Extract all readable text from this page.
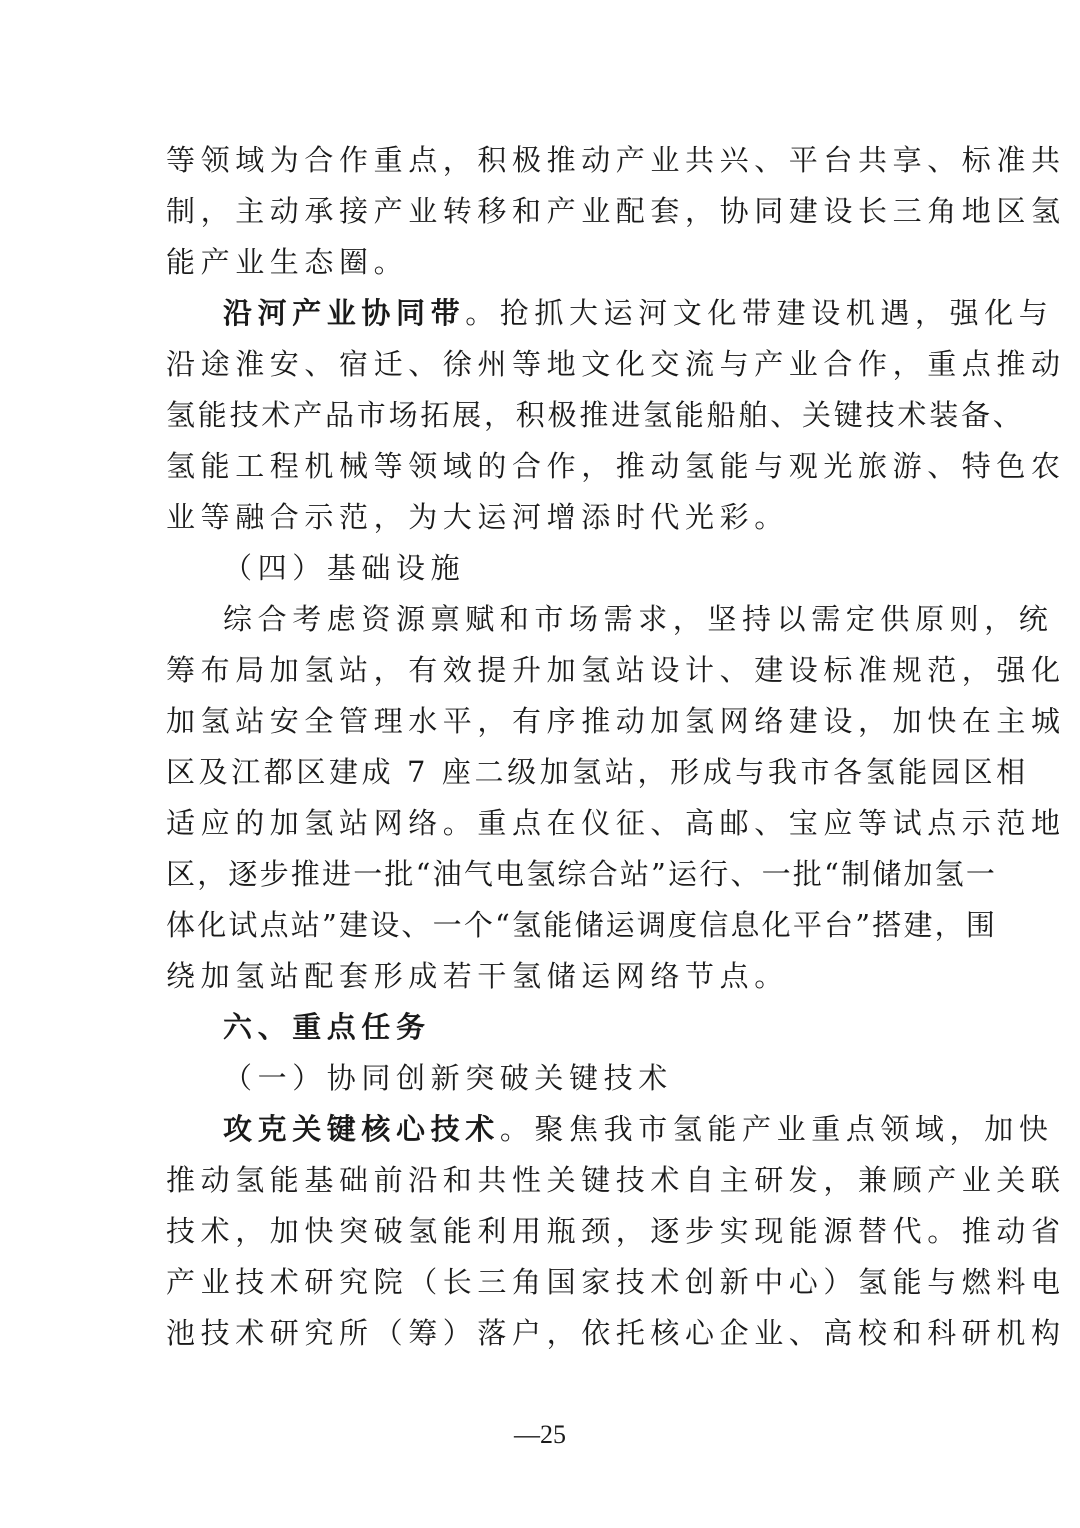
等领域为合作重点，积极推动产业共兴、平台共享、标准共
制，主动承接产业转移和产业配套，协同建设长三角地区氢
能产业生态圈。
沿河产业协同带。抢抓大运河文化带建设机遇，强化与
沿途淮安、宿迁、徐州等地文化交流与产业合作，重点推动
氢能技术产品市场拓展，积极推进氢能船舶、关键技术装备、
氢能工程机械等领域的合作，推动氢能与观光旅游、特色农
业等融合示范，为大运河增添时代光彩。
（四）基础设施
综合考虑资源禀赋和市场需求，坚持以需定供原则，统
筹布局加氢站，有效提升加氢站设计、建设标准规范，强化
加氢站安全管理水平，有序推动加氢网络建设，加快在主城
区及江都区建成 7 座二级加氢站，形成与我市各氢能园区相
适应的加氢站网络。重点在仪征、高邮、宝应等试点示范地
区，逐步推进一批“油气电氢综合站”运行、一批“制储加氢一
体化试点站”建设、一个“氢能储运调度信息化平台”搭建，围
绕加氢站配套形成若干氢储运网络节点。
六、重点任务
（一）协同创新突破关键技术
攻克关键核心技术。聚焦我市氢能产业重点领域，加快
推动氢能基础前沿和共性关键技术自主研发，兼顾产业关联
技术，加快突破氢能利用瓶颈，逐步实现能源替代。推动省
产业技术研究院（长三角国家技术创新中心）氢能与燃料电
池技术研究所（筹）落户，依托核心企业、高校和科研机构
—25
